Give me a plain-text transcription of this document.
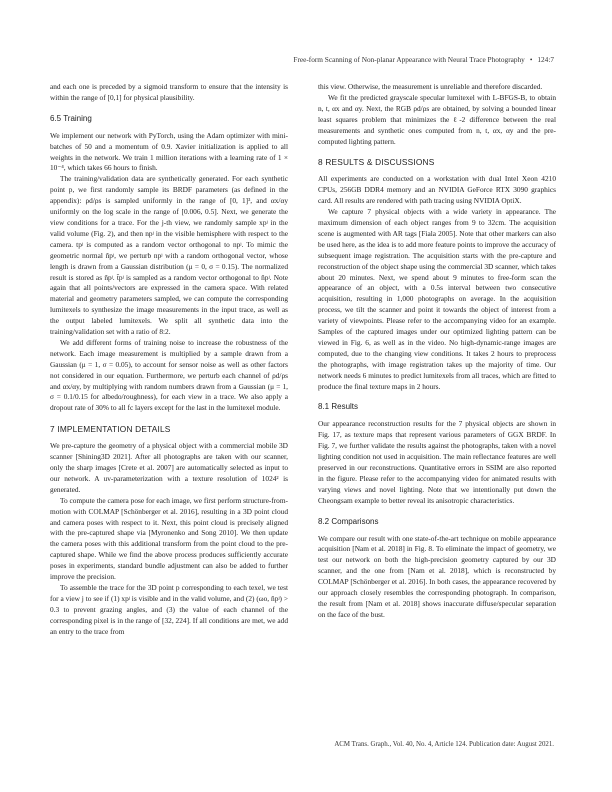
Free-form Scanning of Non-planar Appearance with Neural Trace Photography • 124:7

and each one is preceded by a sigmoid transform to ensure that the intensity is within the range of [0,1] for physical plausibility.

6.5 Training

We implement our network with PyTorch, using the Adam optimizer with mini-batches of 50 and a momentum of 0.9. Xavier initialization is applied to all weights in the network. We train 1 million iterations with a learning rate of 1 × 10⁻⁴, which takes 66 hours to finish.

The training/validation data are synthetically generated. For each synthetic point p, we first randomly sample its BRDF parameters (as defined in the appendix): ρd/ρs is sampled uniformly in the range of [0, 1]³, and αx/αy uniformly on the log scale in the range of [0.006, 0.5]. Next, we generate the view conditions for a trace. For the j-th view, we randomly sample xpʲ in the valid volume (Fig. 2), and then npʲ in the visible hemisphere with respect to the camera. tpʲ is computed as a random vector orthogonal to npʲ. To mimic the geometric normal ñpʲ, we perturb npʲ with a random orthogonal vector, whose length is drawn from a Gaussian distribution (μ = 0, σ = 0.15). The normalized result is stored as ñpʲ. t̃pʲ is sampled as a random vector orthogonal to ñpʲ. Note again that all points/vectors are expressed in the camera space. With related material and geometry parameters sampled, we can compute the corresponding lumitexels to synthesize the image measurements in the input trace, as well as the output labeled lumitexels. We split all synthetic data into the training/validation set with a ratio of 8:2.

We add different forms of training noise to increase the robustness of the network. Each image measurement is multiplied by a sample drawn from a Gaussian (μ = 1, σ = 0.05), to account for sensor noise as well as other factors not considered in our equation. Furthermore, we perturb each channel of ρd/ρs and αx/αy, by multiplying with random numbers drawn from a Gaussian (μ = 1, σ = 0.1/0.15 for albedo/roughness), for each view in a trace. We also apply a dropout rate of 30% to all fc layers except for the last in the lumitexel module.

7 IMPLEMENTATION DETAILS

We pre-capture the geometry of a physical object with a commercial mobile 3D scanner [Shining3D 2021]. After all photographs are taken with our scanner, only the sharp images [Crete et al. 2007] are automatically selected as input to our network. A uv-parameterization with a texture resolution of 1024² is generated.

To compute the camera pose for each image, we first perform structure-from-motion with COLMAP [Schönberger et al. 2016], resulting in a 3D point cloud and camera poses with respect to it. Next, this point cloud is precisely aligned with the pre-captured shape via [Myronenko and Song 2010]. We then update the camera poses with this additional transform from the point cloud to the pre-captured shape. While we find the above process produces sufficiently accurate poses in experiments, standard bundle adjustment can also be added to further improve the precision.

To assemble the trace for the 3D point p corresponding to each texel, we test for a view j to see if (1) xpʲ is visible and in the valid volume, and (2) (ωo, ñpʲ) > 0.3 to prevent grazing angles, and (3) the value of each channel of the corresponding pixel is in the range of [32, 224]. If all conditions are met, we add an entry to the trace from

this view. Otherwise, the measurement is unreliable and therefore discarded.

We fit the predicted grayscale specular lumitexel with L-BFGS-B, to obtain n, t, αx and αy. Next, the RGB ρd/ρs are obtained, by solving a bounded linear least squares problem that minimizes the ℓ-2 difference between the real measurements and synthetic ones computed from n, t, αx, αy and the pre-computed lighting pattern.

8 RESULTS & DISCUSSIONS

All experiments are conducted on a workstation with dual Intel Xeon 4210 CPUs, 256GB DDR4 memory and an NVIDIA GeForce RTX 3090 graphics card. All results are rendered with path tracing using NVIDIA OptiX.

We capture 7 physical objects with a wide variety in appearance. The maximum dimension of each object ranges from 9 to 32cm. The acquisition scene is augmented with AR tags [Fiala 2005]. Note that other markers can also be used here, as the idea is to add more feature points to improve the accuracy of subsequent image registration. The acquisition starts with the pre-capture and reconstruction of the object shape using the commercial 3D scanner, which takes about 20 minutes. Next, we spend about 9 minutes to free-form scan the appearance of an object, with a 0.5s interval between two consecutive acquisition, resulting in 1,000 photographs on average. In the acquisition process, we tilt the scanner and point it towards the object of interest from a variety of viewpoints. Please refer to the accompanying video for an example. Samples of the captured images under our optimized lighting pattern can be viewed in Fig. 6, as well as in the video. No high-dynamic-range images are computed, due to the changing view conditions. It takes 2 hours to preprocess the photographs, with image registration takes up the majority of time. Our network needs 6 minutes to predict lumitexels from all traces, which are fitted to produce the final texture maps in 2 hours.

8.1 Results

Our appearance reconstruction results for the 7 physical objects are shown in Fig. 17, as texture maps that represent various parameters of GGX BRDF. In Fig. 7, we further validate the results against the photographs, taken with a novel lighting condition not used in acquisition. The main reflectance features are well preserved in our reconstructions. Quantitative errors in SSIM are also reported in the figure. Please refer to the accompanying video for animated results with varying views and novel lighting. Note that we intentionally put down the Cheongsam example to better reveal its anisotropic characteristics.

8.2 Comparisons

We compare our result with one state-of-the-art technique on mobile appearance acquisition [Nam et al. 2018] in Fig. 8. To eliminate the impact of geometry, we test our network on both the high-precision geometry captured by our 3D scanner, and the one from [Nam et al. 2018], which is reconstructed by COLMAP [Schönberger et al. 2016]. In both cases, the appearance recovered by our approach closely resembles the corresponding photograph. In comparison, the result from [Nam et al. 2018] shows inaccurate diffuse/specular separation on the face of the bust.

ACM Trans. Graph., Vol. 40, No. 4, Article 124. Publication date: August 2021.
